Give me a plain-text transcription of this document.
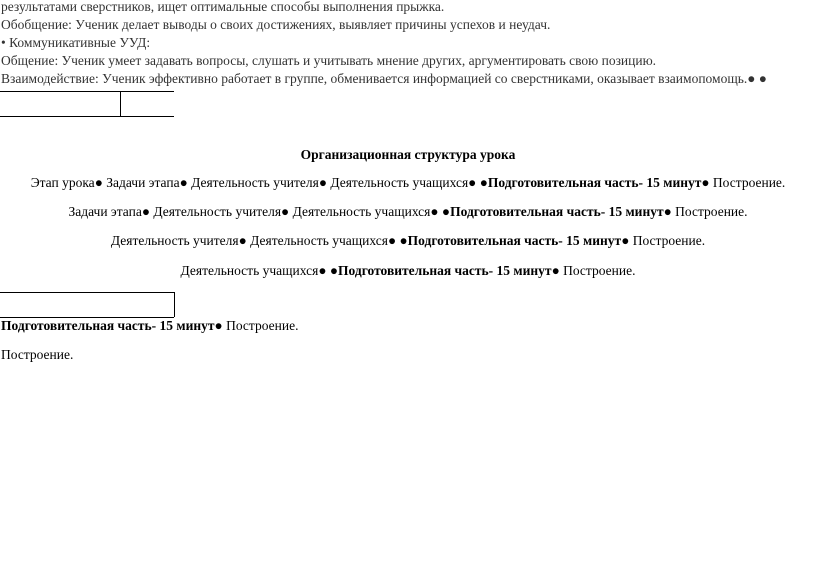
результатами сверстников, ищет оптимальные способы выполнения прыжка.
Обобщение: Ученик делает выводы о своих достижениях, выявляет причины успехов и неудач.
• Коммуникативные УУД:
Общение: Ученик умеет задавать вопросы, слушать и учитывать мнение других, аргументировать свою позицию.
Взаимодействие: Ученик эффективно работает в группе, обменивается информацией со сверстниками, оказывает взаимопомощь.● ●
Организационная структура урока
Этап урока● Задачи этапа● Деятельность учителя● Деятельность учащихся● ●Подготовительная часть- 15 минут● Построение.
Задачи этапа● Деятельность учителя● Деятельность учащихся● ●Подготовительная часть- 15 минут● Построение.
Деятельность учителя● Деятельность учащихся● ●Подготовительная часть- 15 минут● Построение.
Деятельность учащихся● ●Подготовительная часть- 15 минут● Построение.
Подготовительная часть- 15 минут● Построение.
Построение.
